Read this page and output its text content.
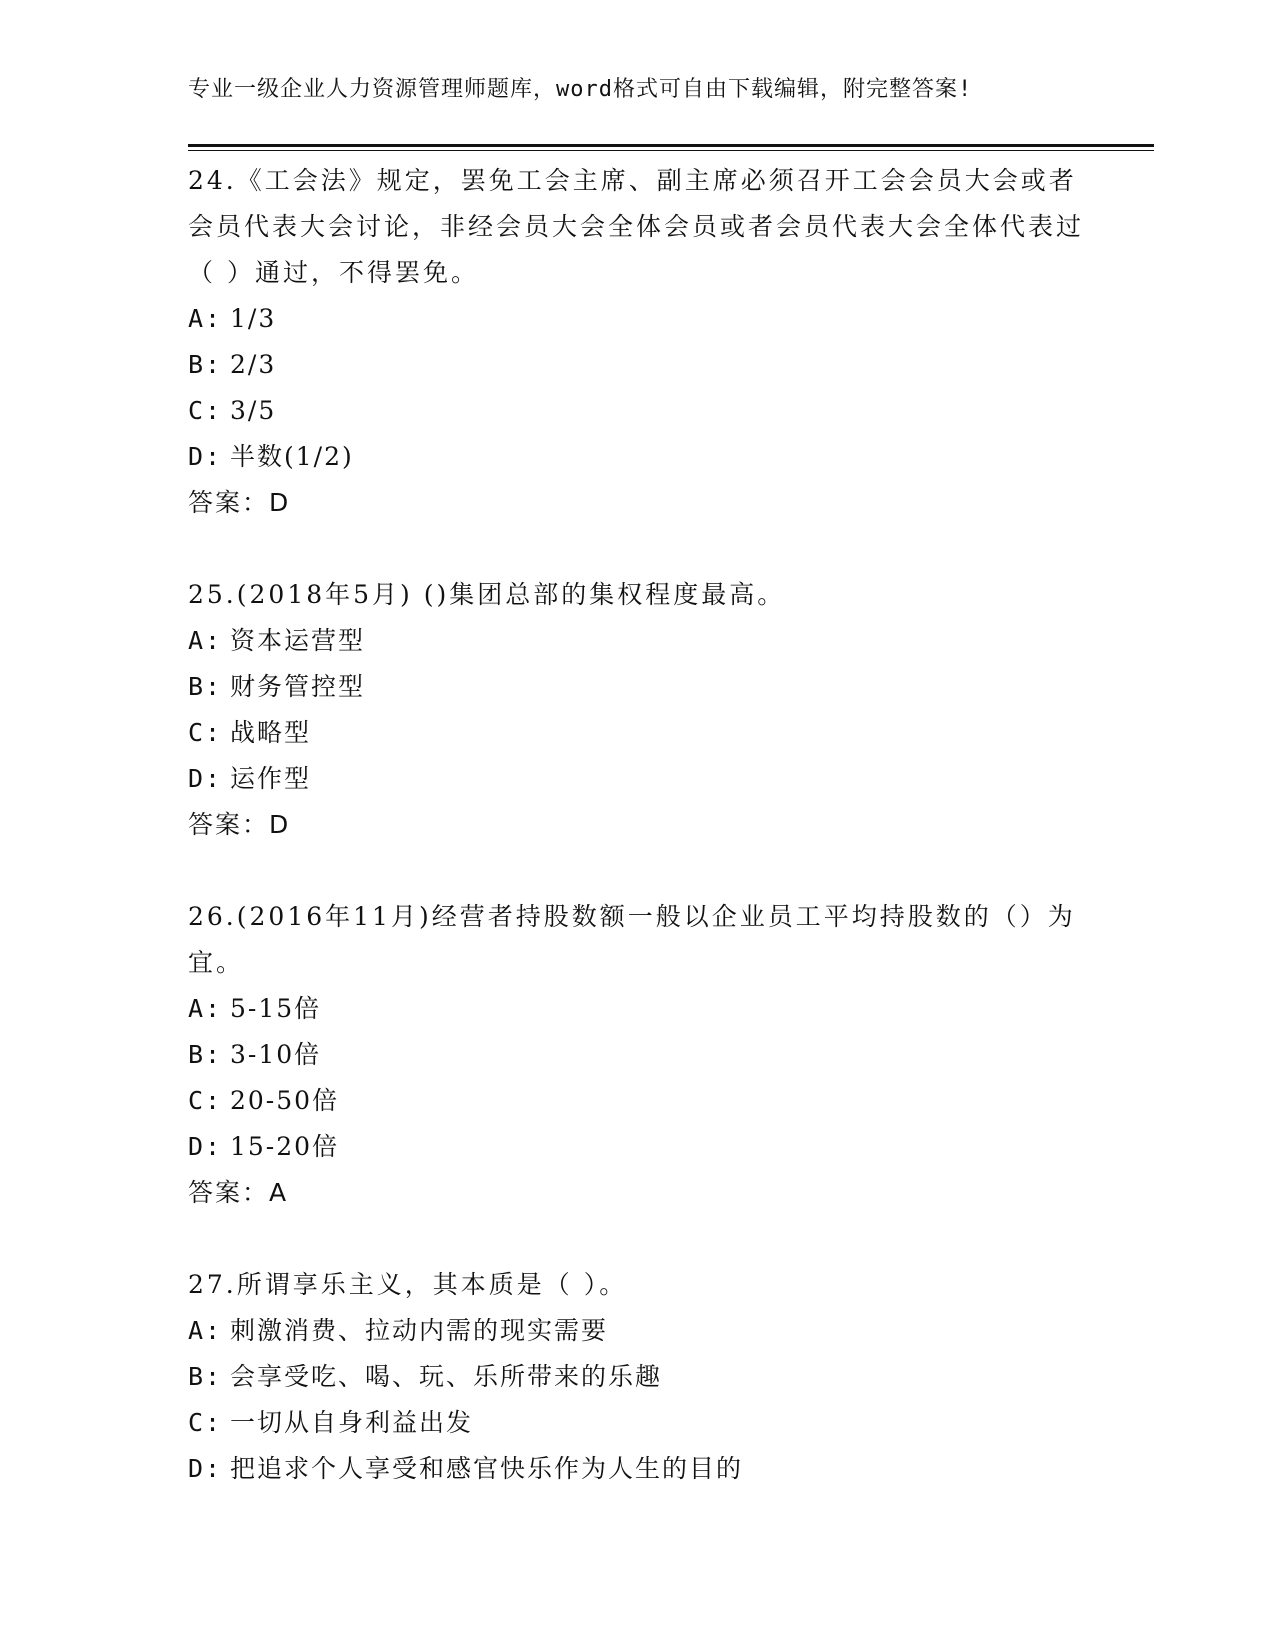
专业一级企业人力资源管理师题库，word格式可自由下载编辑，附完整答案!
24.《工会法》规定，罢免工会主席、副主席必须召开工会会员大会或者会员代表大会讨论，非经会员大会全体会员或者会员代表大会全体代表过（ ）通过，不得罢免。
A: 1/3
B: 2/3
C: 3/5
D: 半数(1/2)
答案：D
25.(2018年5月) ()集团总部的集权程度最高。
A: 资本运营型
B: 财务管控型
C: 战略型
D: 运作型
答案：D
26.(2016年11月)经营者持股数额一般以企业员工平均持股数的（）为宜。
A: 5-15倍
B: 3-10倍
C: 20-50倍
D: 15-20倍
答案：A
27.所谓享乐主义，其本质是（ ）。
A: 刺激消费、拉动内需的现实需要
B: 会享受吃、喝、玩、乐所带来的乐趣
C: 一切从自身利益出发
D: 把追求个人享受和感官快乐作为人生的目的
